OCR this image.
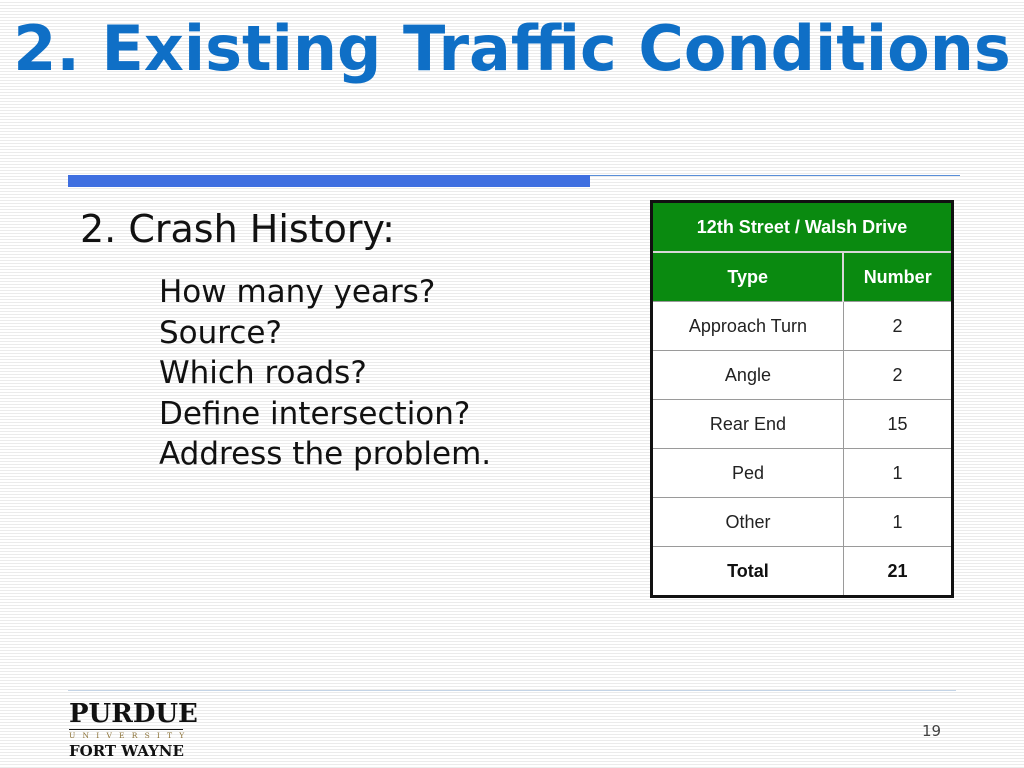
2. Existing Traffic Conditions
2. Crash History:
How many years?
Source?
Which roads?
Define intersection?
Address the problem.
12th Street / Walsh Drive	
Type	Number
Approach Turn	2
Angle	2
Rear End	15
Ped	1
Other	1
Total	21
PURDUE
UNIVERSITY
FORT WAYNE
19
